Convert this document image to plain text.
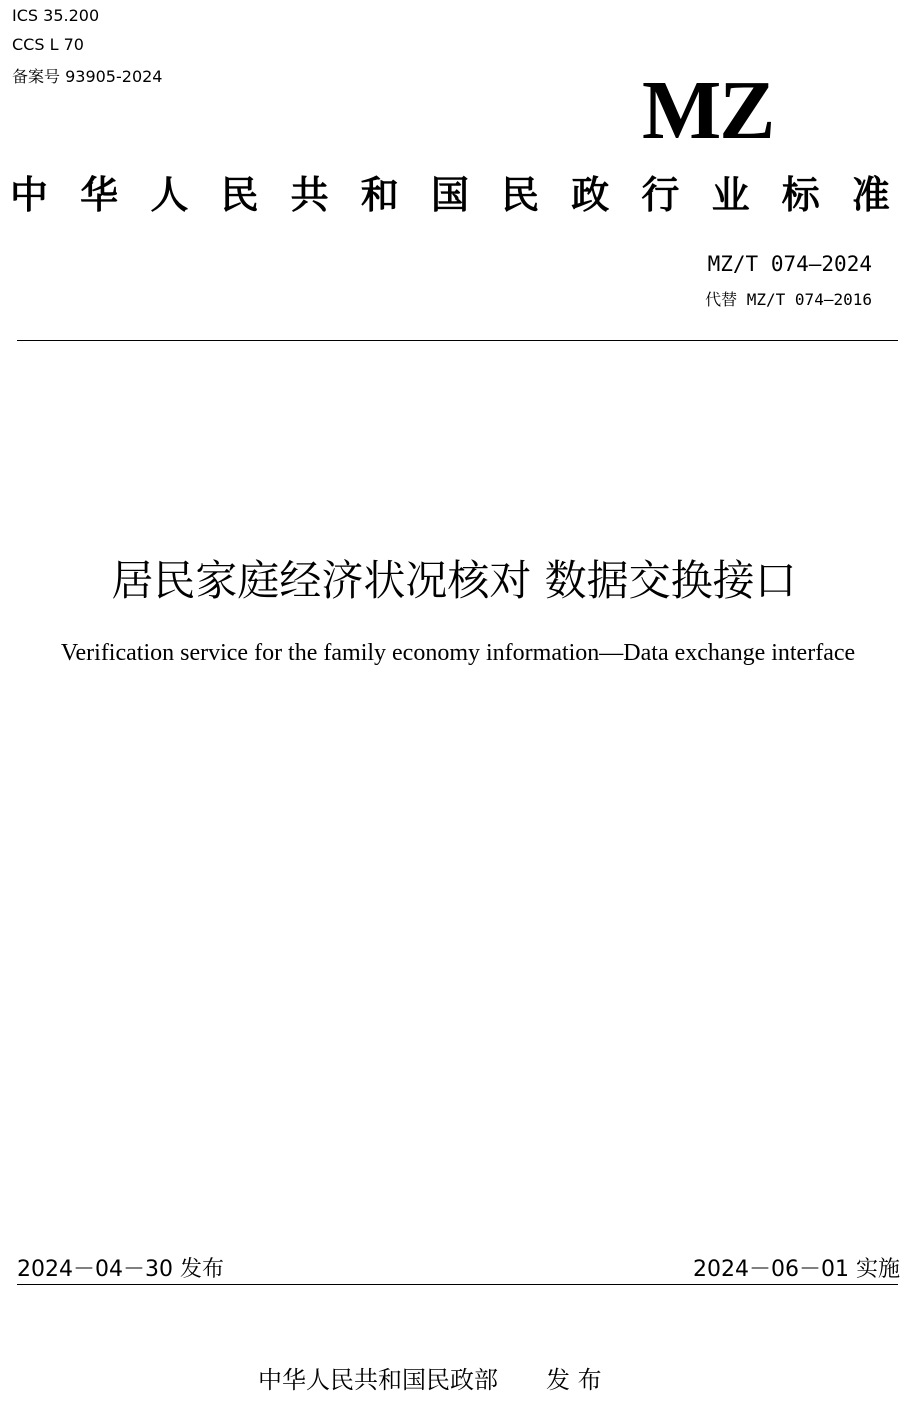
ICS 35.200
CCS L 70
备案号 93905-2024	MZ
中 华 人 民 共 和 国 民 政 行 业 标 准
MZ/T 074—2024
代替 MZ/T 074—2016
居民家庭经济状况核对 数据交换接口
Verification service for the family economy information—Data exchange interface
2024－04－30 发布	2024－06－01 实施
中华人民共和国民政部　　发 布
